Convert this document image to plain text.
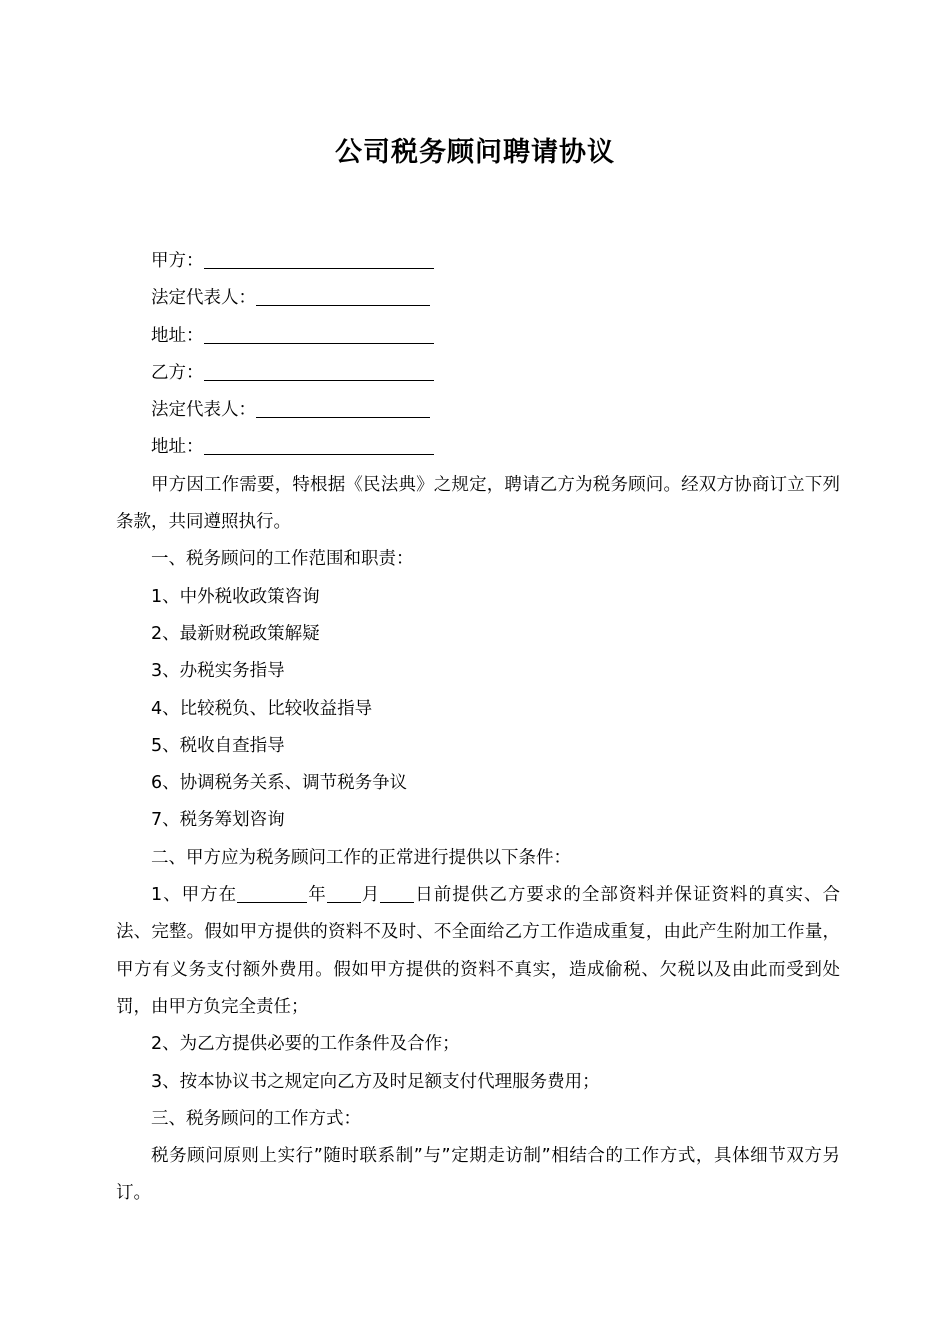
公司税务顾问聘请协议

甲方：

法定代表人：

地址：

乙方：

法定代表人：

地址：

甲方因工作需要，特根据《民法典》之规定，聘请乙方为税务顾问。经双方协商订立下列条款，共同遵照执行。

一、税务顾问的工作范围和职责：

1、中外税收政策咨询

2、最新财税政策解疑

3、办税实务指导

4、比较税负、比较收益指导

5、税收自查指导

6、协调税务关系、调节税务争议

7、税务筹划咨询

二、甲方应为税务顾问工作的正常进行提供以下条件：

1、甲方在	年 月 日前提供乙方要求的全部资料并保证资料的真实、合法、完整。假如甲方提供的资料不及时、不全面给乙方工作造成重复，由此产生附加工作量，甲方有义务支付额外费用。假如甲方提供的资料不真实，造成偷税、欠税以及由此而受到处罚，由甲方负完全责任；

2、为乙方提供必要的工作条件及合作；

3、按本协议书之规定向乙方及时足额支付代理服务费用；

三、税务顾问的工作方式：

税务顾问原则上实行”随时联系制”与”定期走访制”相结合的工作方式，具体细节双方另订。
